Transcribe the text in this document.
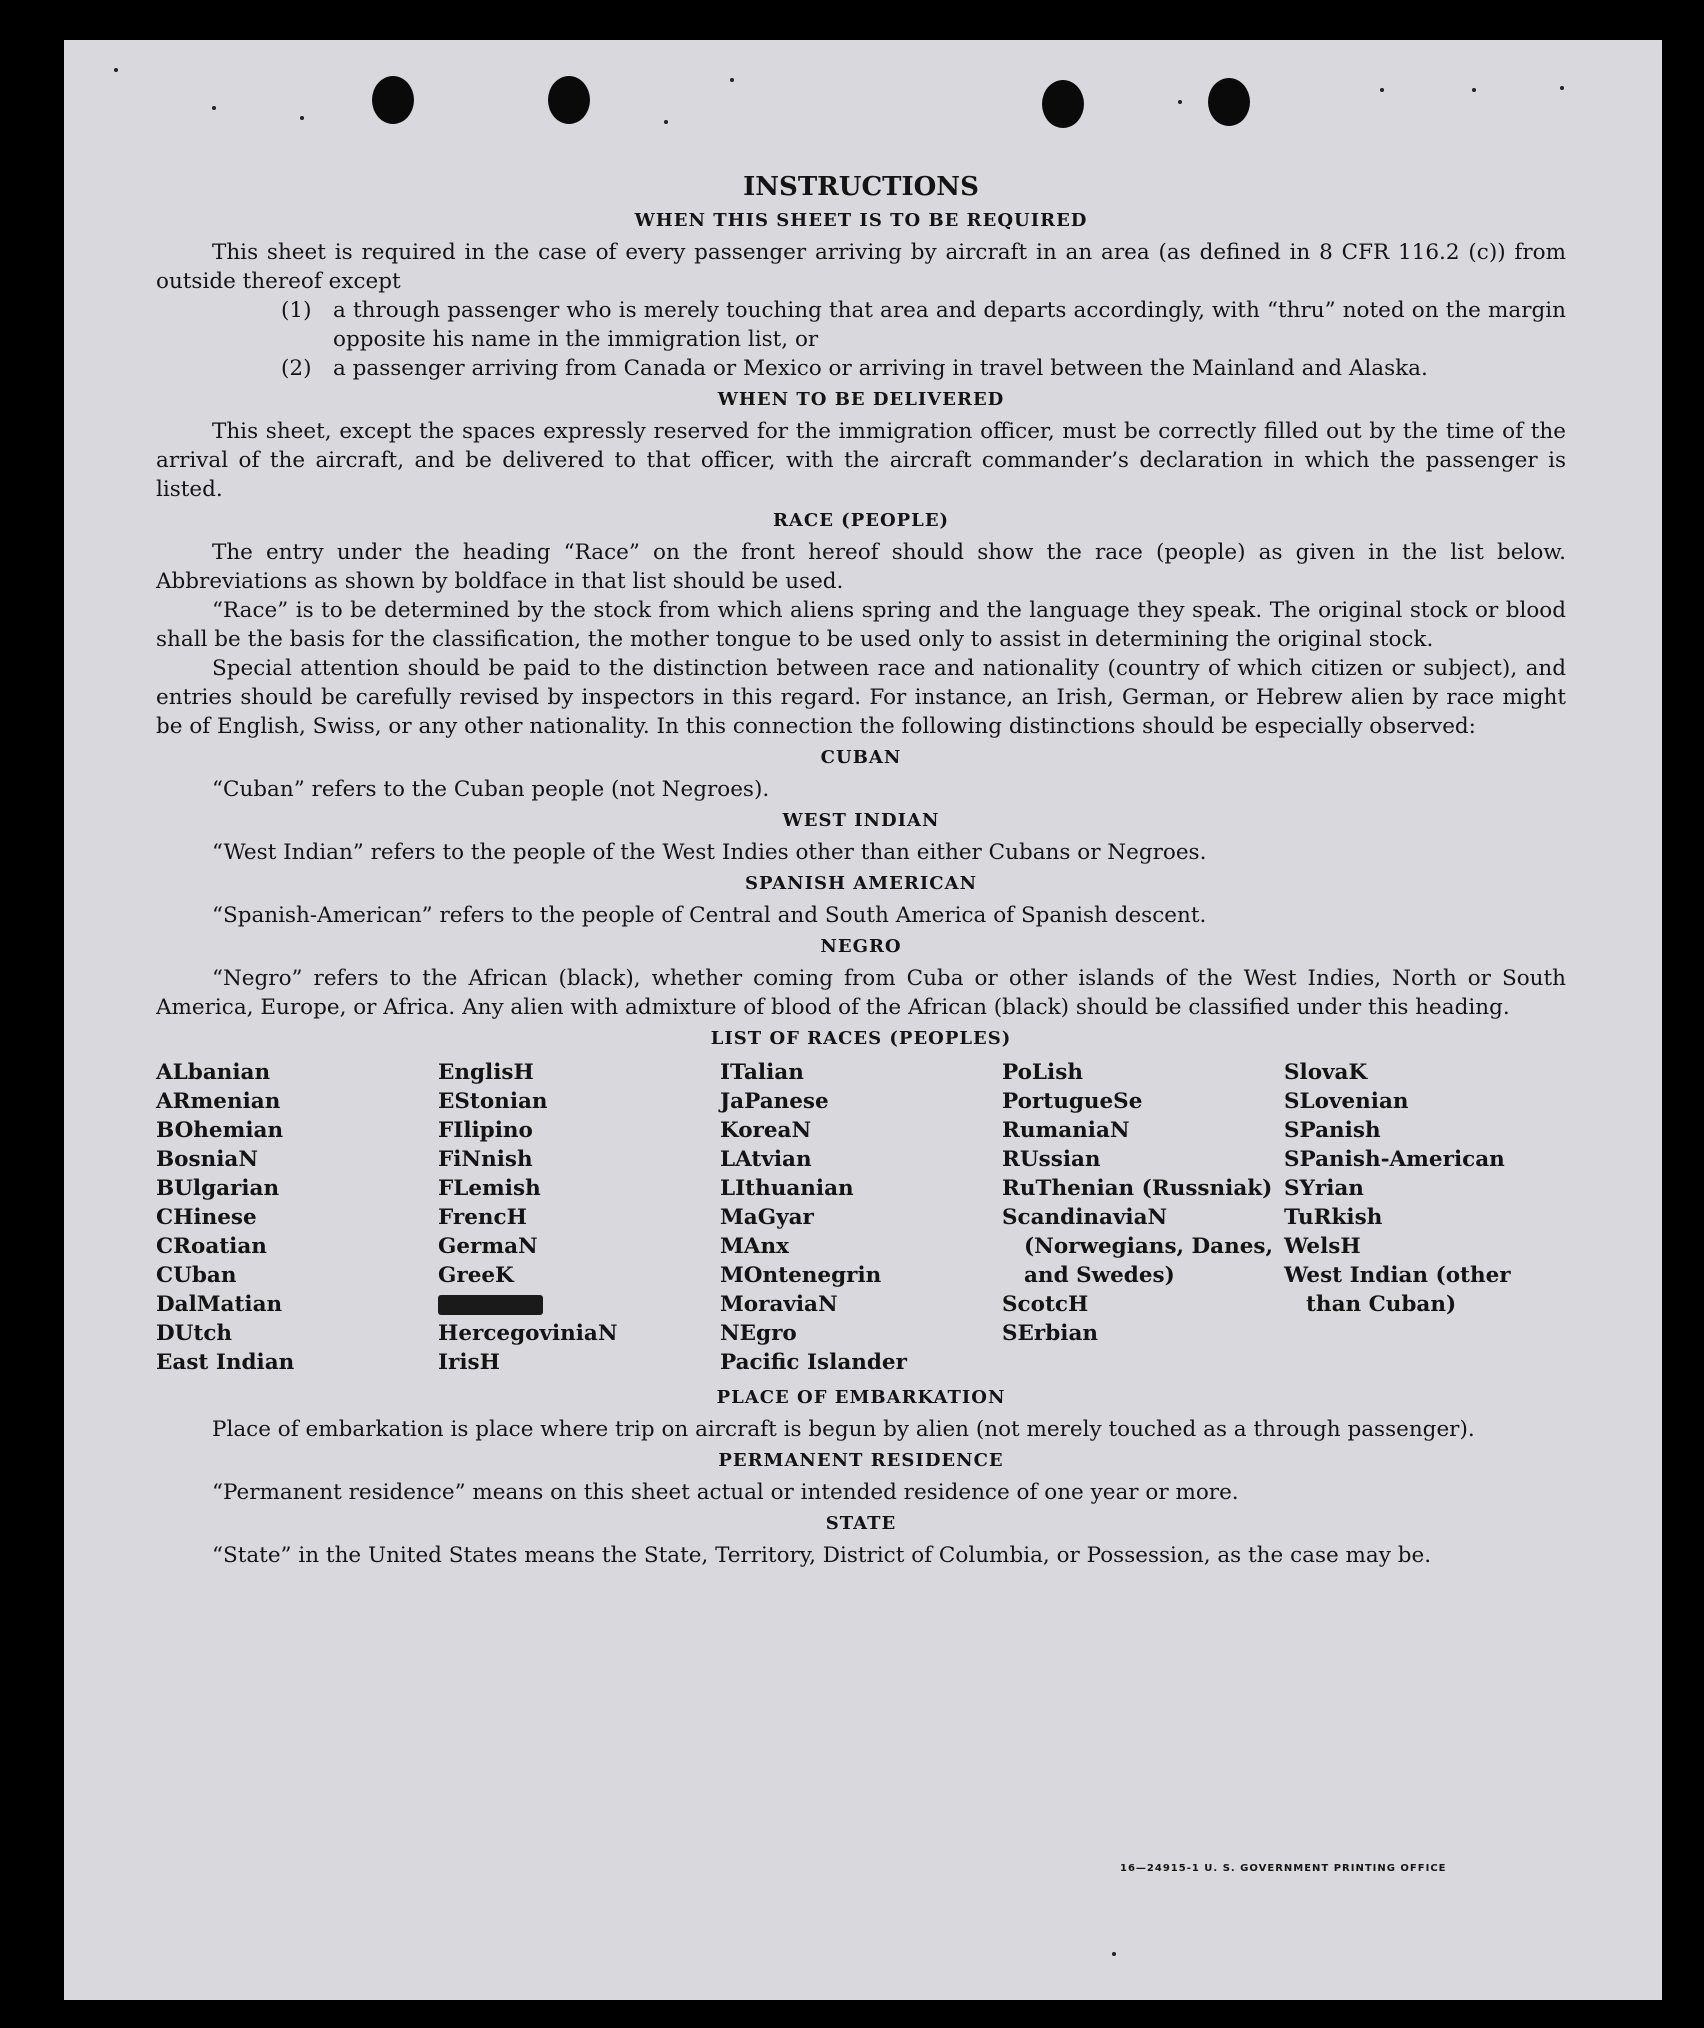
INSTRUCTIONS
WHEN THIS SHEET IS TO BE REQUIRED

This sheet is required in the case of every passenger arriving by aircraft in an area (as defined in 8 CFR 116.2 (c)) from outside thereof except

(1)	a through passenger who is merely touching that area and departs accordingly, with “thru” noted on the margin opposite his name in the immigration list, or
(2)	a passenger arriving from Canada or Mexico or arriving in travel between the Mainland and Alaska.
WHEN TO BE DELIVERED

This sheet, except the spaces expressly reserved for the immigration officer, must be correctly filled out by the time of the arrival of the aircraft, and be delivered to that officer, with the aircraft commander’s declaration in which the passenger is listed.

RACE (PEOPLE)

The entry under the heading “Race” on the front hereof should show the race (people) as given in the list below. Abbreviations as shown by boldface in that list should be used.

“Race” is to be determined by the stock from which aliens spring and the language they speak. The original stock or blood shall be the basis for the classification, the mother tongue to be used only to assist in determining the original stock.

Special attention should be paid to the distinction between race and nationality (country of which citizen or subject), and entries should be carefully revised by inspectors in this regard. For instance, an Irish, German, or Hebrew alien by race might be of English, Swiss, or any other nationality. In this connection the following distinctions should be especially observed:

CUBAN

“Cuban” refers to the Cuban people (not Negroes).

WEST INDIAN

“West Indian” refers to the people of the West Indies other than either Cubans or Negroes.

SPANISH AMERICAN

“Spanish-American” refers to the people of Central and South America of Spanish descent.

NEGRO

“Negro” refers to the African (black), whether coming from Cuba or other islands of the West Indies, North or South America, Europe, or Africa. Any alien with admixture of blood of the African (black) should be classified under this heading.

LIST OF RACES (PEOPLES)
ALbanian
ARmenian
BOhemian
BosniaN
BUlgarian
CHinese
CRoatian
CUban
DalMatian
DUtch
East Indian
EnglisH
EStonian
FIlipino
FiNnish
FLemish
FrencH
GermaN
GreeK
HercegoviniaN
IrisH
ITalian
JaPanese
KoreaN
LAtvian
LIthuanian
MaGyar
MAnx
MOntenegrin
MoraviaN
NEgro
Pacific Islander
PoLish
PortugueSe
RumaniaN
RUssian
RuThenian (Russniak)
ScandinaviaN (Norwegians, Danes, and Swedes)
ScotcH
SErbian
SlovaK
SLovenian
SPanish
SPanish-American
SYrian
TuRkish
WelsH
West Indian (other than Cuban)
PLACE OF EMBARKATION

Place of embarkation is place where trip on aircraft is begun by alien (not merely touched as a through passenger).

PERMANENT RESIDENCE

“Permanent residence” means on this sheet actual or intended residence of one year or more.

STATE

“State” in the United States means the State, Territory, District of Columbia, or Possession, as the case may be.

16—24915-1 U. S. GOVERNMENT PRINTING OFFICE
